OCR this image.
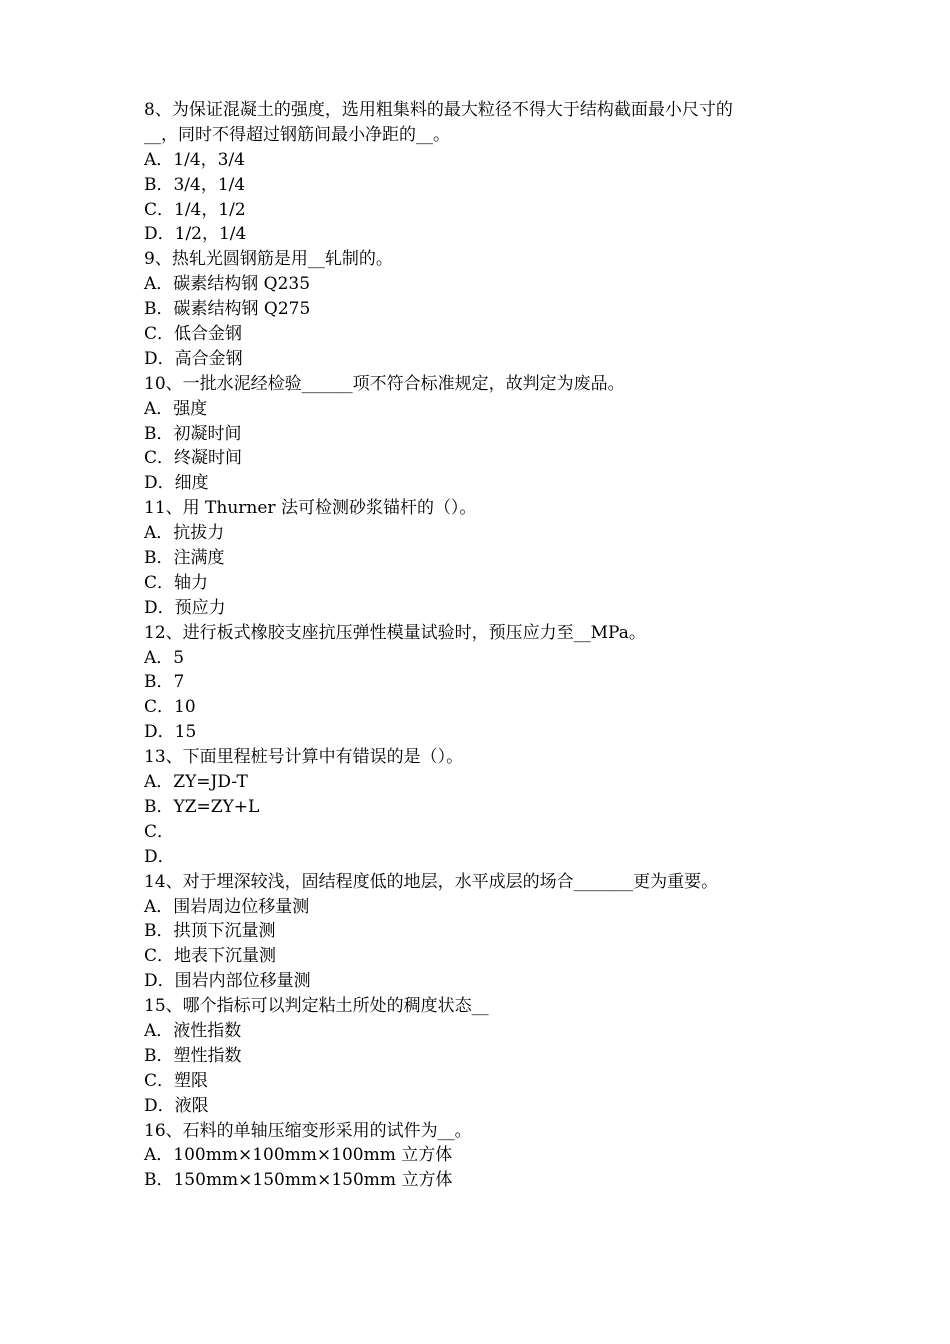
8、为保证混凝土的强度，选用粗集料的最大粒径不得大于结构截面最小尺寸的
__，同时不得超过钢筋间最小净距的__。
A．1/4，3/4
B．3/4，1/4
C．1/4，1/2
D．1/2，1/4
9、热轧光圆钢筋是用__轧制的。
A．碳素结构钢 Q235
B．碳素结构钢 Q275
C．低合金钢
D．高合金钢
10、一批水泥经检验______项不符合标准规定，故判定为废品。
A．强度
B．初凝时间
C．终凝时间
D．细度
11、用 Thurner 法可检测砂浆锚杆的（）。
A．抗拔力
B．注满度
C．轴力
D．预应力
12、进行板式橡胶支座抗压弹性模量试验时，预压应力至__MPa。
A．5
B．7
C．10
D．15
13、下面里程桩号计算中有错误的是（）。
A．ZY=JD-T
B．YZ=ZY+L
C．
D．
14、对于埋深较浅，固结程度低的地层，水平成层的场合_______更为重要。
A．围岩周边位移量测
B．拱顶下沉量测
C．地表下沉量测
D．围岩内部位移量测
15、哪个指标可以判定粘土所处的稠度状态__
A．液性指数
B．塑性指数
C．塑限
D．液限
16、石料的单轴压缩变形采用的试件为__。
A．100mm×100mm×100mm 立方体
B．150mm×150mm×150mm 立方体
